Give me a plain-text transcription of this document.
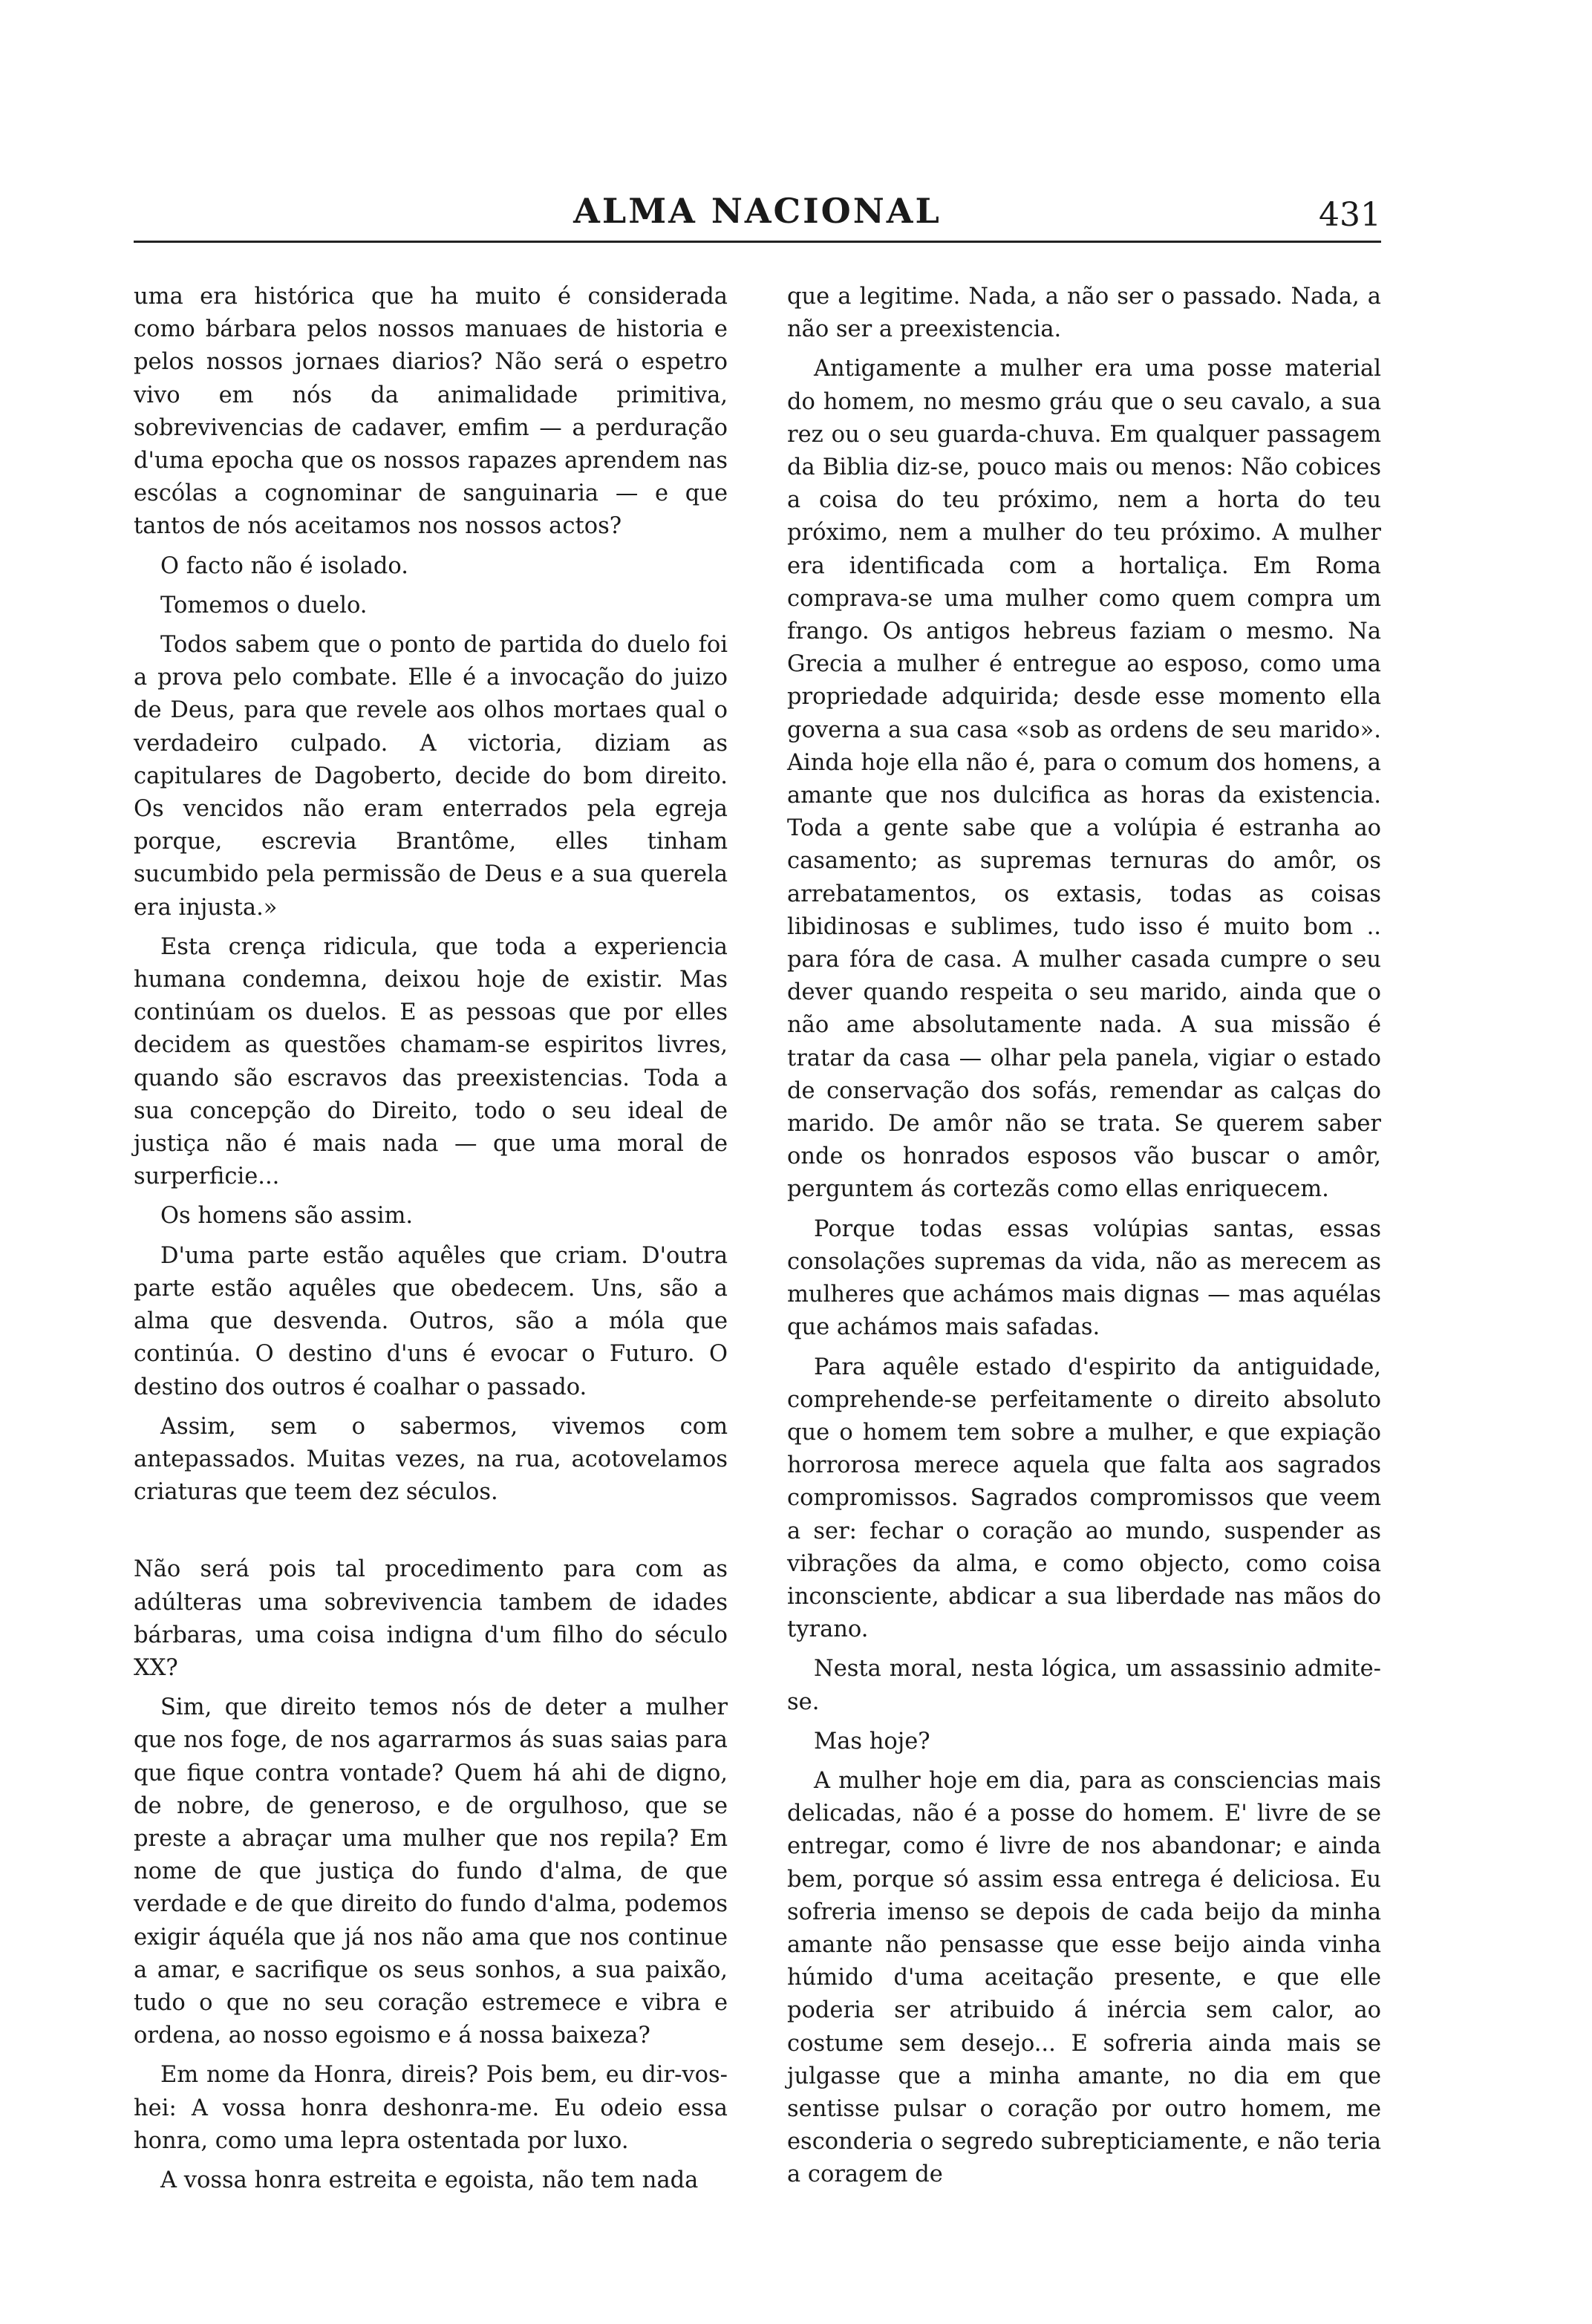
ALMA NACIONAL	431

uma era histórica que ha muito é considerada como bárbara pelos nossos manuaes de historia e pelos nossos jornaes diarios? Não será o espetro vivo em nós da animalidade primitiva, sobrevivencias de cadaver, emfim — a perduração d'uma epocha que os nossos rapazes aprendem nas escólas a cognominar de sanguinaria — e que tantos de nós aceitamos nos nossos actos?

O facto não é isolado.

Tomemos o duelo.

Todos sabem que o ponto de partida do duelo foi a prova pelo combate. Elle é a invocação do juizo de Deus, para que revele aos olhos mortaes qual o verdadeiro culpado. A victoria, diziam as capitulares de Dagoberto, decide do bom direito. Os vencidos não eram enterrados pela egreja porque, escrevia Brantôme, elles tinham sucumbido pela permissão de Deus e a sua querela era injusta.»

Esta crença ridicula, que toda a experiencia humana condemna, deixou hoje de existir. Mas continúam os duelos. E as pessoas que por elles decidem as questões chamam-se espiritos livres, quando são escravos das preexistencias. Toda a sua concepção do Direito, todo o seu ideal de justiça não é mais nada — que uma moral de surperficie...

Os homens são assim.

D'uma parte estão aquêles que criam. D'outra parte estão aquêles que obedecem. Uns, são a alma que desvenda. Outros, são a móla que continúa. O destino d'uns é evocar o Futuro. O destino dos outros é coalhar o passado.

Assim, sem o sabermos, vivemos com antepassados. Muitas vezes, na rua, acotovelamos criaturas que teem dez séculos.

Não será pois tal procedimento para com as adúlteras uma sobrevivencia tambem de idades bárbaras, uma coisa indigna d'um filho do século XX?

Sim, que direito temos nós de deter a mulher que nos foge, de nos agarrarmos ás suas saias para que fique contra vontade? Quem há ahi de digno, de nobre, de generoso, e de orgulhoso, que se preste a abraçar uma mulher que nos repila? Em nome de que justiça do fundo d'alma, de que verdade e de que direito do fundo d'alma, podemos exigir áquéla que já nos não ama que nos continue a amar, e sacrifique os seus sonhos, a sua paixão, tudo o que no seu coração estremece e vibra e ordena, ao nosso egoismo e á nossa baixeza?

Em nome da Honra, direis? Pois bem, eu dir-vos-hei: A vossa honra deshonra-me. Eu odeio essa honra, como uma lepra ostentada por luxo.

A vossa honra estreita e egoista, não tem nada

que a legitime. Nada, a não ser o passado. Nada, a não ser a preexistencia.

Antigamente a mulher era uma posse material do homem, no mesmo gráu que o seu cavalo, a sua rez ou o seu guarda-chuva. Em qualquer passagem da Biblia diz-se, pouco mais ou menos: Não cobices a coisa do teu próximo, nem a horta do teu próximo, nem a mulher do teu próximo. A mulher era identificada com a hortaliça. Em Roma comprava-se uma mulher como quem compra um frango. Os antigos hebreus faziam o mesmo. Na Grecia a mulher é entregue ao esposo, como uma propriedade adquirida; desde esse momento ella governa a sua casa «sob as ordens de seu marido». Ainda hoje ella não é, para o comum dos homens, a amante que nos dulcifica as horas da existencia. Toda a gente sabe que a volúpia é estranha ao casamento; as supremas ternuras do amôr, os arrebatamentos, os extasis, todas as coisas libidinosas e sublimes, tudo isso é muito bom .. para fóra de casa. A mulher casada cumpre o seu dever quando respeita o seu marido, ainda que o não ame absolutamente nada. A sua missão é tratar da casa — olhar pela panela, vigiar o estado de conservação dos sofás, remendar as calças do marido. De amôr não se trata. Se querem saber onde os honrados esposos vão buscar o amôr, perguntem ás cortezãs como ellas enriquecem.

Porque todas essas volúpias santas, essas consolações supremas da vida, não as merecem as mulheres que achámos mais dignas — mas aquélas que achámos mais safadas.

Para aquêle estado d'espirito da antiguidade, comprehende-se perfeitamente o direito absoluto que o homem tem sobre a mulher, e que expiação horrorosa merece aquela que falta aos sagrados compromissos. Sagrados compromissos que veem a ser: fechar o coração ao mundo, suspender as vibrações da alma, e como objecto, como coisa inconsciente, abdicar a sua liberdade nas mãos do tyrano.

Nesta moral, nesta lógica, um assassinio admite-se.

Mas hoje?

A mulher hoje em dia, para as consciencias mais delicadas, não é a posse do homem. E' livre de se entregar, como é livre de nos abandonar; e ainda bem, porque só assim essa entrega é deliciosa. Eu sofreria imenso se depois de cada beijo da minha amante não pensasse que esse beijo ainda vinha húmido d'uma aceitação presente, e que elle poderia ser atribuido á inércia sem calor, ao costume sem desejo... E sofreria ainda mais se julgasse que a minha amante, no dia em que sentisse pulsar o coração por outro homem, me esconderia o segredo subrepticiamente, e não teria a coragem de
